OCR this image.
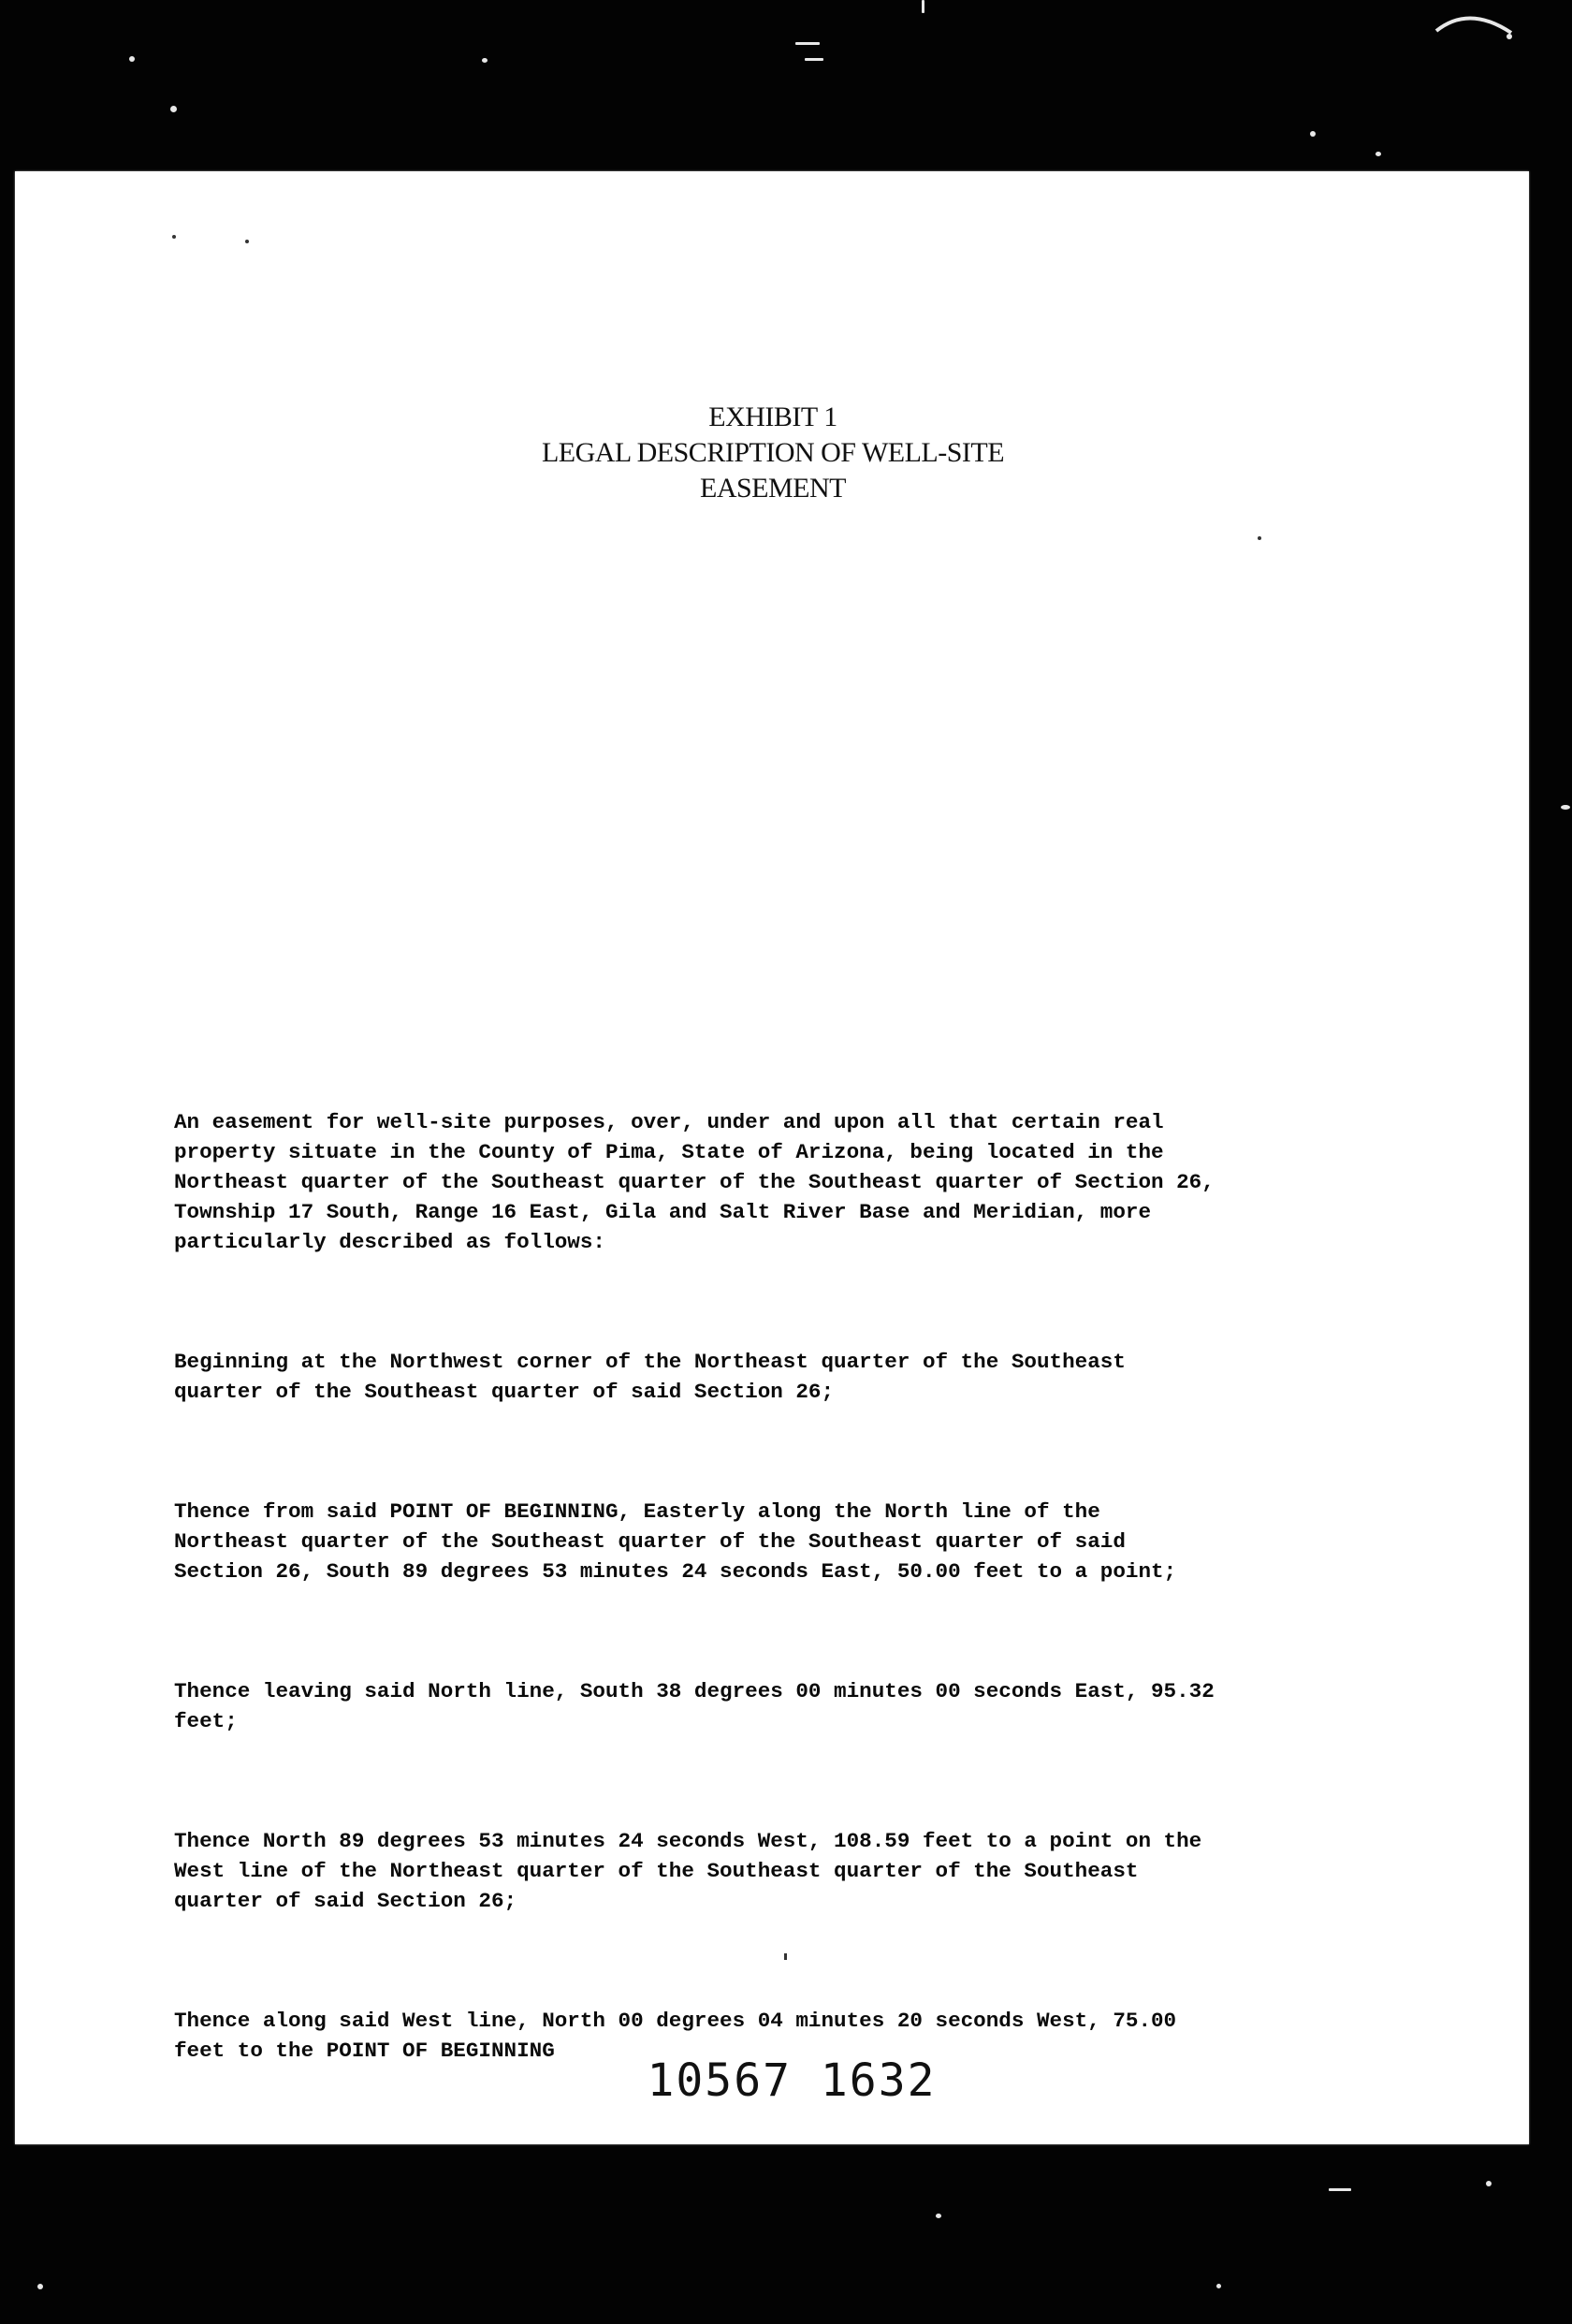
EXHIBIT 1
LEGAL DESCRIPTION OF WELL-SITE
EASEMENT

An easement for well-site purposes, over, under and upon all that certain real
property situate in the County of Pima, State of Arizona, being located in the
Northeast quarter of the Southeast quarter of the Southeast quarter of Section 26,
Township 17 South, Range 16 East, Gila and Salt River Base and Meridian, more
particularly described as follows:

Beginning at the Northwest corner of the Northeast quarter of the Southeast
quarter of the Southeast quarter of said Section 26;

Thence from said POINT OF BEGINNING, Easterly along the North line of the
Northeast quarter of the Southeast quarter of the Southeast quarter of said
Section 26, South 89 degrees 53 minutes 24 seconds East, 50.00 feet to a point;

Thence leaving said North line, South 38 degrees 00 minutes 00 seconds East, 95.32
feet;

Thence North 89 degrees 53 minutes 24 seconds West, 108.59 feet to a point on the
West line of the Northeast quarter of the Southeast quarter of the Southeast
quarter of said Section 26;

Thence along said West line, North 00 degrees 04 minutes 20 seconds West, 75.00
feet to the POINT OF BEGINNING

10567 1632
